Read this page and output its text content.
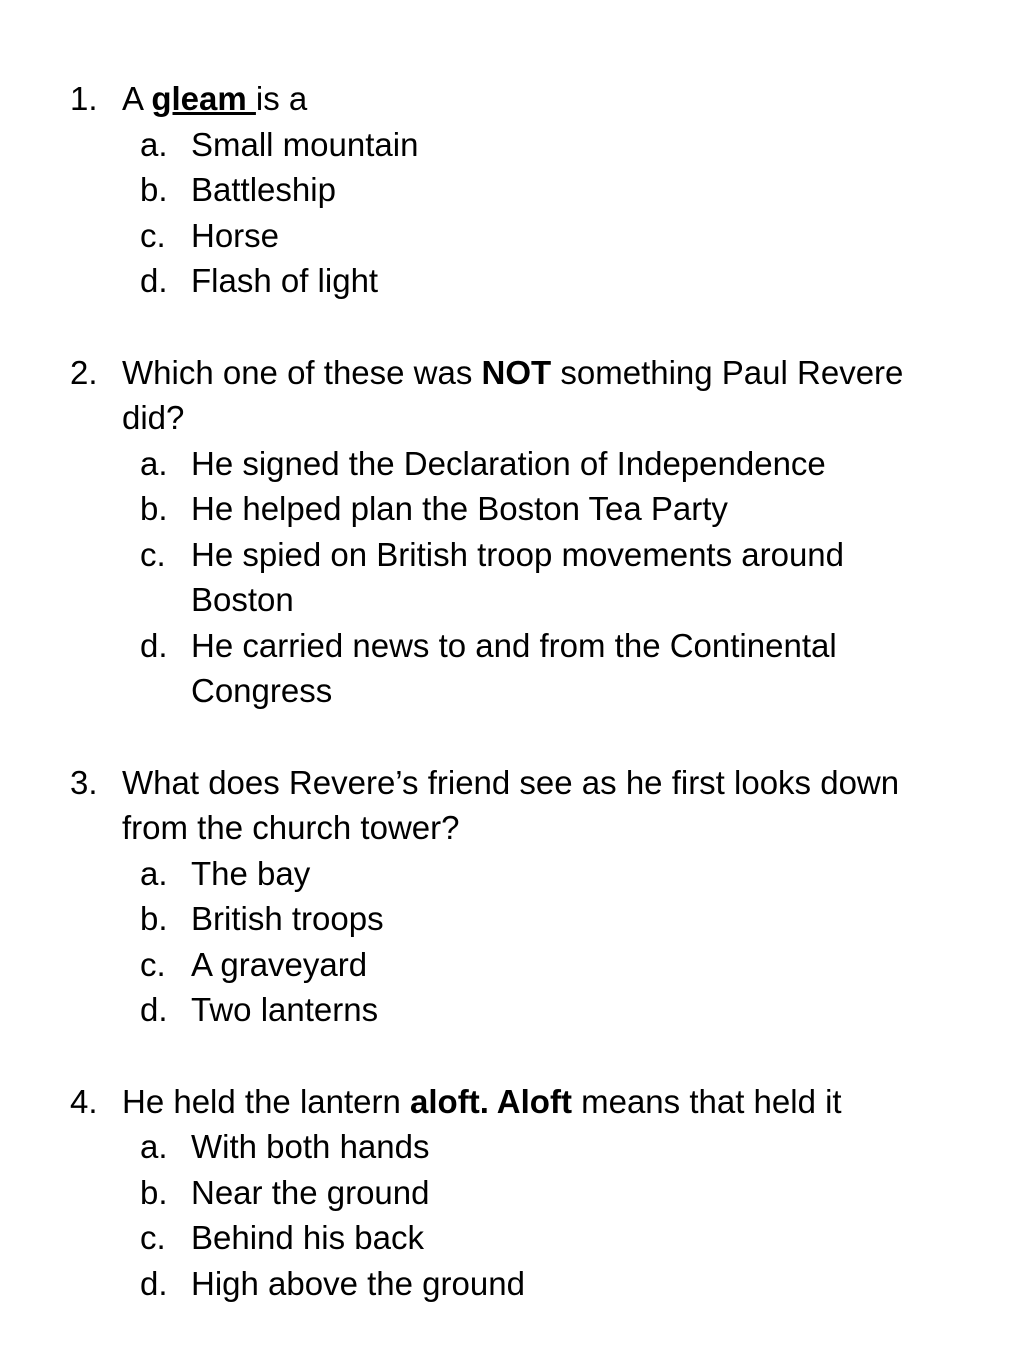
1. A gleam is a
a. Small mountain
b. Battleship
c. Horse
d. Flash of light
2. Which one of these was NOT something Paul Revere did?
a. He signed the Declaration of Independence
b. He helped plan the Boston Tea Party
c. He spied on British troop movements around Boston
d. He carried news to and from the Continental Congress
3. What does Revere’s friend see as he first looks down from the church tower?
a. The bay
b. British troops
c. A graveyard
d. Two lanterns
4. He held the lantern aloft. Aloft means that held it
a. With both hands
b. Near the ground
c. Behind his back
d. High above the ground
